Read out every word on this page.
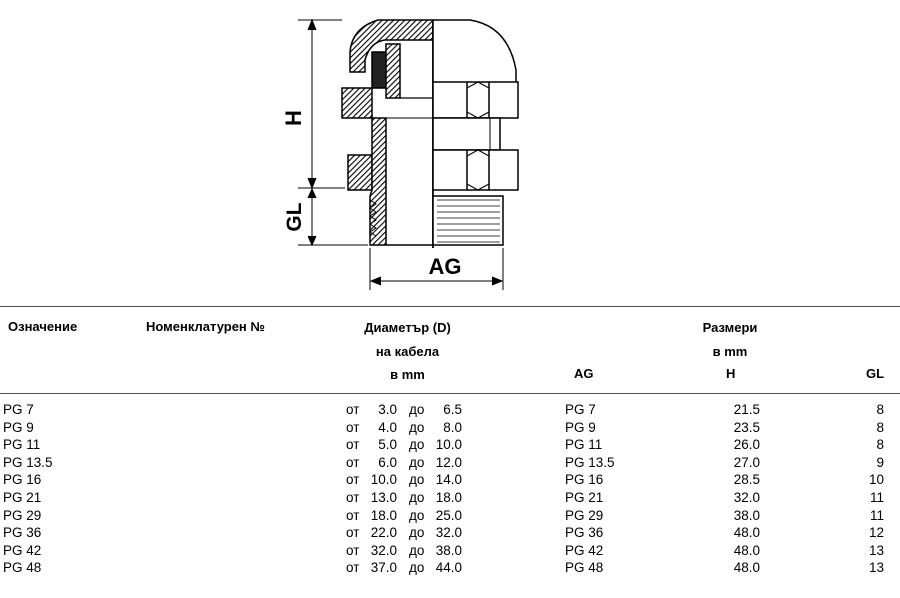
H
GL
AG
Означение	Номенклатурен №	Диаметър (D)
на кабела
в mm
Размери
в mm
AG	H	GL
PG 7	от	3.0 до	6.5	PG 7	21.5	8
PG 9	от	4.0 до	8.0	PG 9	23.5	8
PG 11	от	5.0 до 10.0	PG 11	26.0	8
PG 13.5	от	6.0 до 12.0	PG 13.5	27.0	9
PG 16	от 10.0 до 14.0	PG 16	28.5	10
PG 21	от 13.0 до 18.0	PG 21	32.0	11
PG 29	от 18.0 до 25.0	PG 29	38.0	11
PG 36	от 22.0 до 32.0	PG 36	48.0	12
PG 42	от 32.0 до 38.0	PG 42	48.0	13
PG 48	от 37.0 до 44.0	PG 48	48.0	13
